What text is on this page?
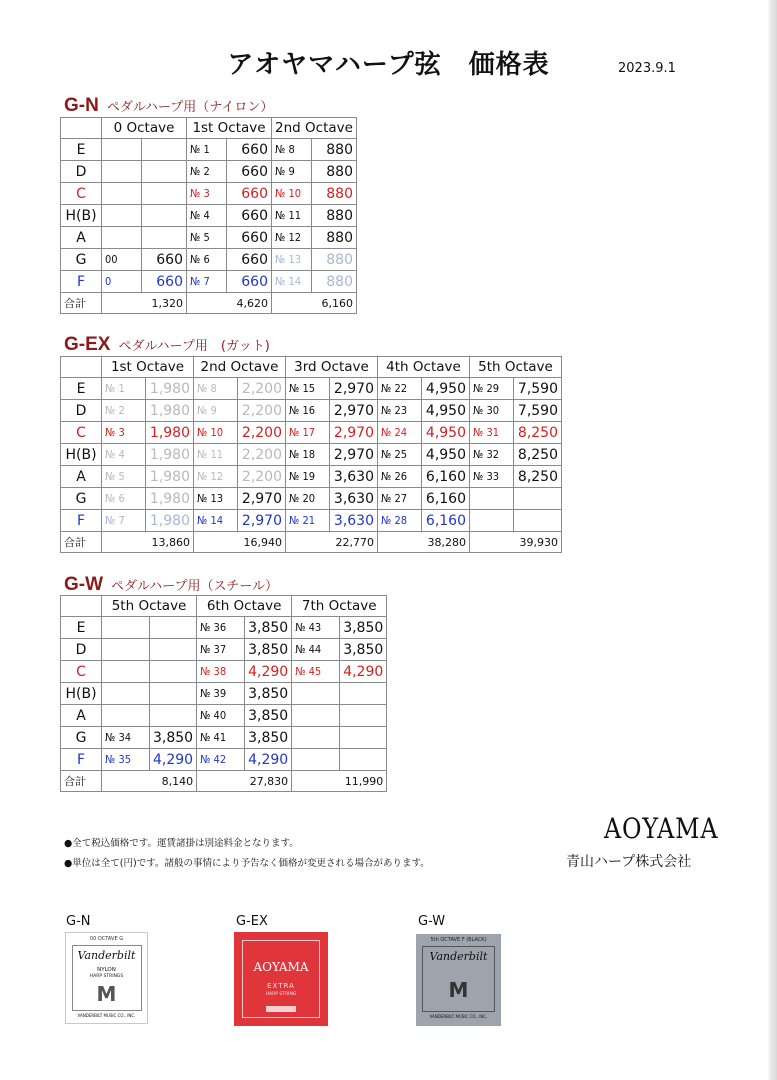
アオヤマハープ弦　価格表	2023.9.1
G-N ペダルハープ用（ナイロン）
	0 Octave		1st Octave		2nd Octave	
E			№ 1	660	№ 8	880
D			№ 2	660	№ 9	880
C			№ 3	660	№ 10	880
H(B)			№ 4	660	№ 11	880
A			№ 5	660	№ 12	880
G	00	660	№ 6	660	№ 13	880
F	0	660	№ 7	660	№ 14	880
合計	1,320		4,620		6,160	
G-EX ペダルハープ用　(ガット)
	1st Octave		2nd Octave		3rd Octave		4th Octave		5th Octave	
E	№ 1	1,980	№ 8	2,200	№ 15	2,970	№ 22	4,950	№ 29	7,590
D	№ 2	1,980	№ 9	2,200	№ 16	2,970	№ 23	4,950	№ 30	7,590
C	№ 3	1,980	№ 10	2,200	№ 17	2,970	№ 24	4,950	№ 31	8,250
H(B)	№ 4	1,980	№ 11	2,200	№ 18	2,970	№ 25	4,950	№ 32	8,250
A	№ 5	1,980	№ 12	2,200	№ 19	3,630	№ 26	6,160	№ 33	8,250
G	№ 6	1,980	№ 13	2,970	№ 20	3,630	№ 27	6,160		
F	№ 7	1,980	№ 14	2,970	№ 21	3,630	№ 28	6,160		
合計	13,860		16,940		22,770		38,280		39,930	
G-W ペダルハープ用（スチール）
	5th Octave		6th Octave		7th Octave	
E			№ 36	3,850	№ 43	3,850
D			№ 37	3,850	№ 44	3,850
C			№ 38	4,290	№ 45	4,290
H(B)			№ 39	3,850		
A			№ 40	3,850		
G	№ 34	3,850	№ 41	3,850		
F	№ 35	4,290	№ 42	4,290		
合計	8,140		27,830		11,990	
●全て税込価格です。運賃諸掛は別途料金となります。
●単位は全て(円)です。諸般の事情により予告なく価格が変更される場合があります。
AOYAMA
青山ハープ株式会社
G-N
00 OCTAVE G
Vanderbilt
NYLON
HARP STRINGS
M
VANDERBILT MUSIC CO., INC.
G-EX
AOYAMA
EXTRA
HARP STRING
G-W
5th OCTAVE F (BLACK)
Vanderbilt
M
VANDERBILT MUSIC CO., INC.
